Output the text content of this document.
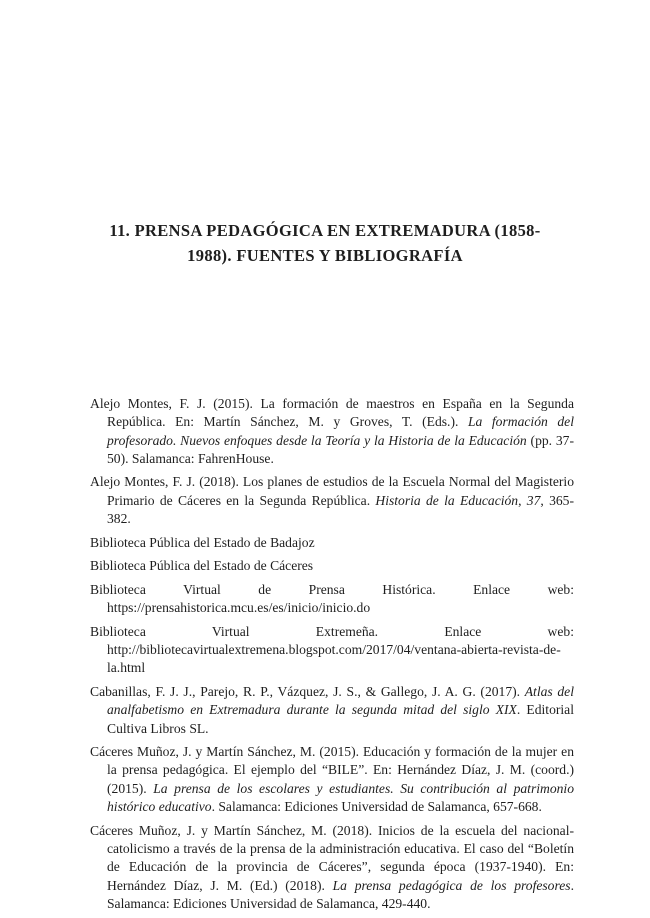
11. PRENSA PEDAGÓGICA EN EXTREMADURA (1858-
1988). FUENTES Y BIBLIOGRAFÍA
Alejo Montes, F. J. (2015). La formación de maestros en España en la Segunda República. En: Martín Sánchez, M. y Groves, T. (Eds.). La formación del profesorado. Nuevos enfoques desde la Teoría y la Historia de la Educación (pp. 37-50). Salamanca: FahrenHouse.
Alejo Montes, F. J. (2018). Los planes de estudios de la Escuela Normal del Magisterio Primario de Cáceres en la Segunda República. Historia de la Educación, 37, 365-382.
Biblioteca Pública del Estado de Badajoz
Biblioteca Pública del Estado de Cáceres
Biblioteca Virtual de Prensa Histórica. Enlace web: https://prensahistorica.mcu.es/es/inicio/inicio.do
Biblioteca Virtual Extremeña. Enlace web: http://bibliotecavirtualextremena.blogspot.com/2017/04/ventana-abierta-revista-de-la.html
Cabanillas, F. J. J., Parejo, R. P., Vázquez, J. S., & Gallego, J. A. G. (2017). Atlas del analfabetismo en Extremadura durante la segunda mitad del siglo XIX. Editorial Cultiva Libros SL.
Cáceres Muñoz, J. y Martín Sánchez, M. (2015). Educación y formación de la mujer en la prensa pedagógica. El ejemplo del “BILE”. En: Hernández Díaz, J. M. (coord.) (2015). La prensa de los escolares y estudiantes. Su contribución al patrimonio histórico educativo. Salamanca: Ediciones Universidad de Salamanca, 657-668.
Cáceres Muñoz, J. y Martín Sánchez, M. (2018). Inicios de la escuela del nacional-catolicismo a través de la prensa de la administración educativa. El caso del “Boletín de Educación de la provincia de Cáceres”, segunda época (1937-1940). En: Hernández Díaz, J. M. (Ed.) (2018). La prensa pedagógica de los profesores. Salamanca: Ediciones Universidad de Salamanca, 429-440.
